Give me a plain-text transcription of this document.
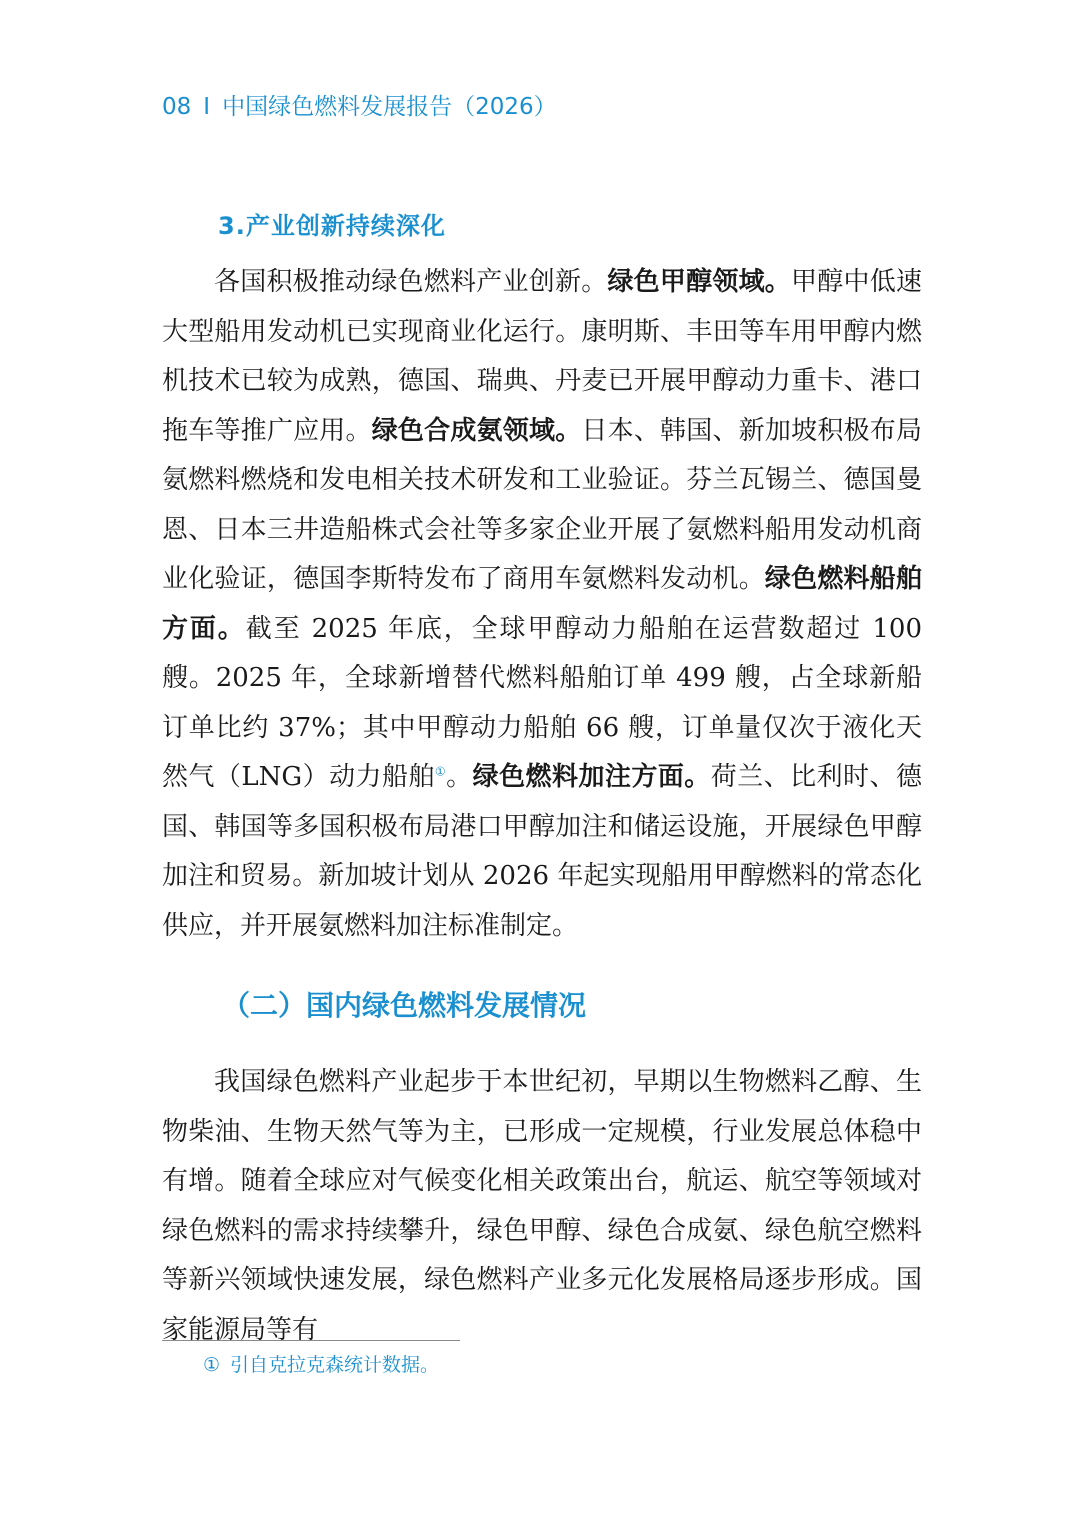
08 I 中国绿色燃料发展报告（2026）
3.产业创新持续深化

各国积极推动绿色燃料产业创新。绿色甲醇领域。甲醇中低速大型船用发动机已实现商业化运行。康明斯、丰田等车用甲醇内燃机技术已较为成熟，德国、瑞典、丹麦已开展甲醇动力重卡、港口拖车等推广应用。绿色合成氨领域。日本、韩国、新加坡积极布局氨燃料燃烧和发电相关技术研发和工业验证。芬兰瓦锡兰、德国曼恩、日本三井造船株式会社等多家企业开展了氨燃料船用发动机商业化验证，德国李斯特发布了商用车氨燃料发动机。绿色燃料船舶方面。截至 2025 年底，全球甲醇动力船舶在运营数超过 100 艘。2025 年，全球新增替代燃料船舶订单 499 艘，占全球新船订单比约 37%；其中甲醇动力船舶 66 艘，订单量仅次于液化天然气（LNG）动力船舶①。绿色燃料加注方面。荷兰、比利时、德国、韩国等多国积极布局港口甲醇加注和储运设施，开展绿色甲醇加注和贸易。新加坡计划从 2026 年起实现船用甲醇燃料的常态化供应，并开展氨燃料加注标准制定。

（二）国内绿色燃料发展情况

我国绿色燃料产业起步于本世纪初，早期以生物燃料乙醇、生物柴油、生物天然气等为主，已形成一定规模，行业发展总体稳中有增。随着全球应对气候变化相关政策出台，航运、航空等领域对绿色燃料的需求持续攀升，绿色甲醇、绿色合成氨、绿色航空燃料等新兴领域快速发展，绿色燃料产业多元化发展格局逐步形成。国家能源局等有

① 引自克拉克森统计数据。
